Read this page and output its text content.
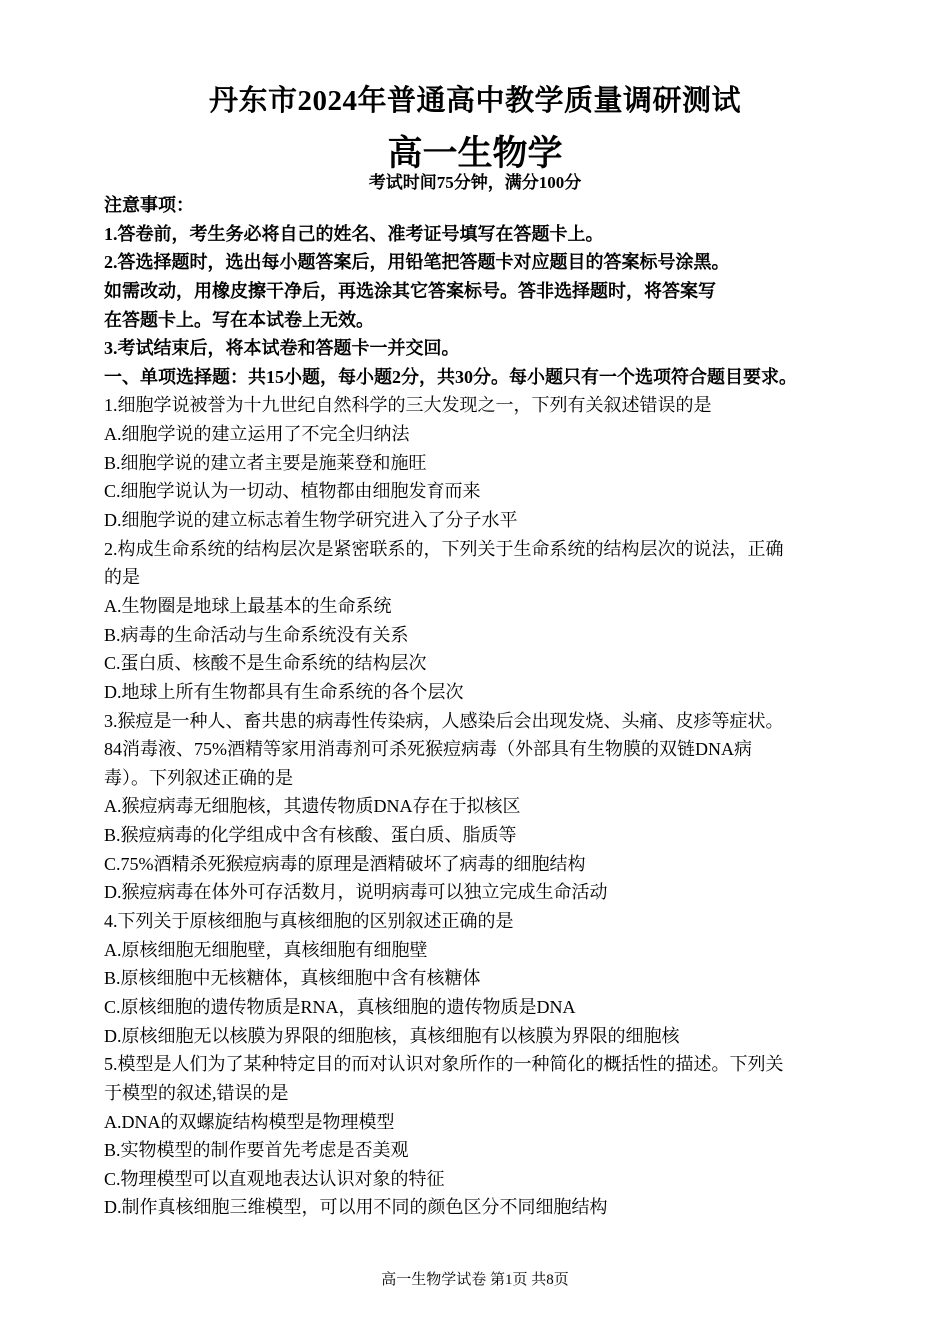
丹东市2024年普通高中教学质量调研测试
高一生物学
考试时间75分钟，满分100分
注意事项：
1.答卷前，考生务必将自己的姓名、准考证号填写在答题卡上。
2.答选择题时，选出每小题答案后，用铅笔把答题卡对应题目的答案标号涂黑。
如需改动，用橡皮擦干净后，再选涂其它答案标号。答非选择题时，将答案写
在答题卡上。写在本试卷上无效。
3.考试结束后，将本试卷和答题卡一并交回。
一、单项选择题：共15小题，每小题2分，共30分。每小题只有一个选项符合题目要求。
1.细胞学说被誉为十九世纪自然科学的三大发现之一，下列有关叙述错误的是
A.细胞学说的建立运用了不完全归纳法
B.细胞学说的建立者主要是施莱登和施旺
C.细胞学说认为一切动、植物都由细胞发育而来
D.细胞学说的建立标志着生物学研究进入了分子水平
2.构成生命系统的结构层次是紧密联系的，下列关于生命系统的结构层次的说法，正确
的是
A.生物圈是地球上最基本的生命系统
B.病毒的生命活动与生命系统没有关系
C.蛋白质、核酸不是生命系统的结构层次
D.地球上所有生物都具有生命系统的各个层次
3.猴痘是一种人、畜共患的病毒性传染病，人感染后会出现发烧、头痛、皮疹等症状。
84消毒液、75%酒精等家用消毒剂可杀死猴痘病毒（外部具有生物膜的双链DNA病
毒）。下列叙述正确的是
A.猴痘病毒无细胞核，其遗传物质DNA存在于拟核区
B.猴痘病毒的化学组成中含有核酸、蛋白质、脂质等
C.75%酒精杀死猴痘病毒的原理是酒精破坏了病毒的细胞结构
D.猴痘病毒在体外可存活数月，说明病毒可以独立完成生命活动
4.下列关于原核细胞与真核细胞的区别叙述正确的是
A.原核细胞无细胞壁，真核细胞有细胞壁
B.原核细胞中无核糖体，真核细胞中含有核糖体
C.原核细胞的遗传物质是RNA，真核细胞的遗传物质是DNA
D.原核细胞无以核膜为界限的细胞核，真核细胞有以核膜为界限的细胞核
5.模型是人们为了某种特定目的而对认识对象所作的一种简化的概括性的描述。下列关
于模型的叙述,错误的是
A.DNA的双螺旋结构模型是物理模型
B.实物模型的制作要首先考虑是否美观
C.物理模型可以直观地表达认识对象的特征
D.制作真核细胞三维模型，可以用不同的颜色区分不同细胞结构
高一生物学试卷 第1页 共8页
